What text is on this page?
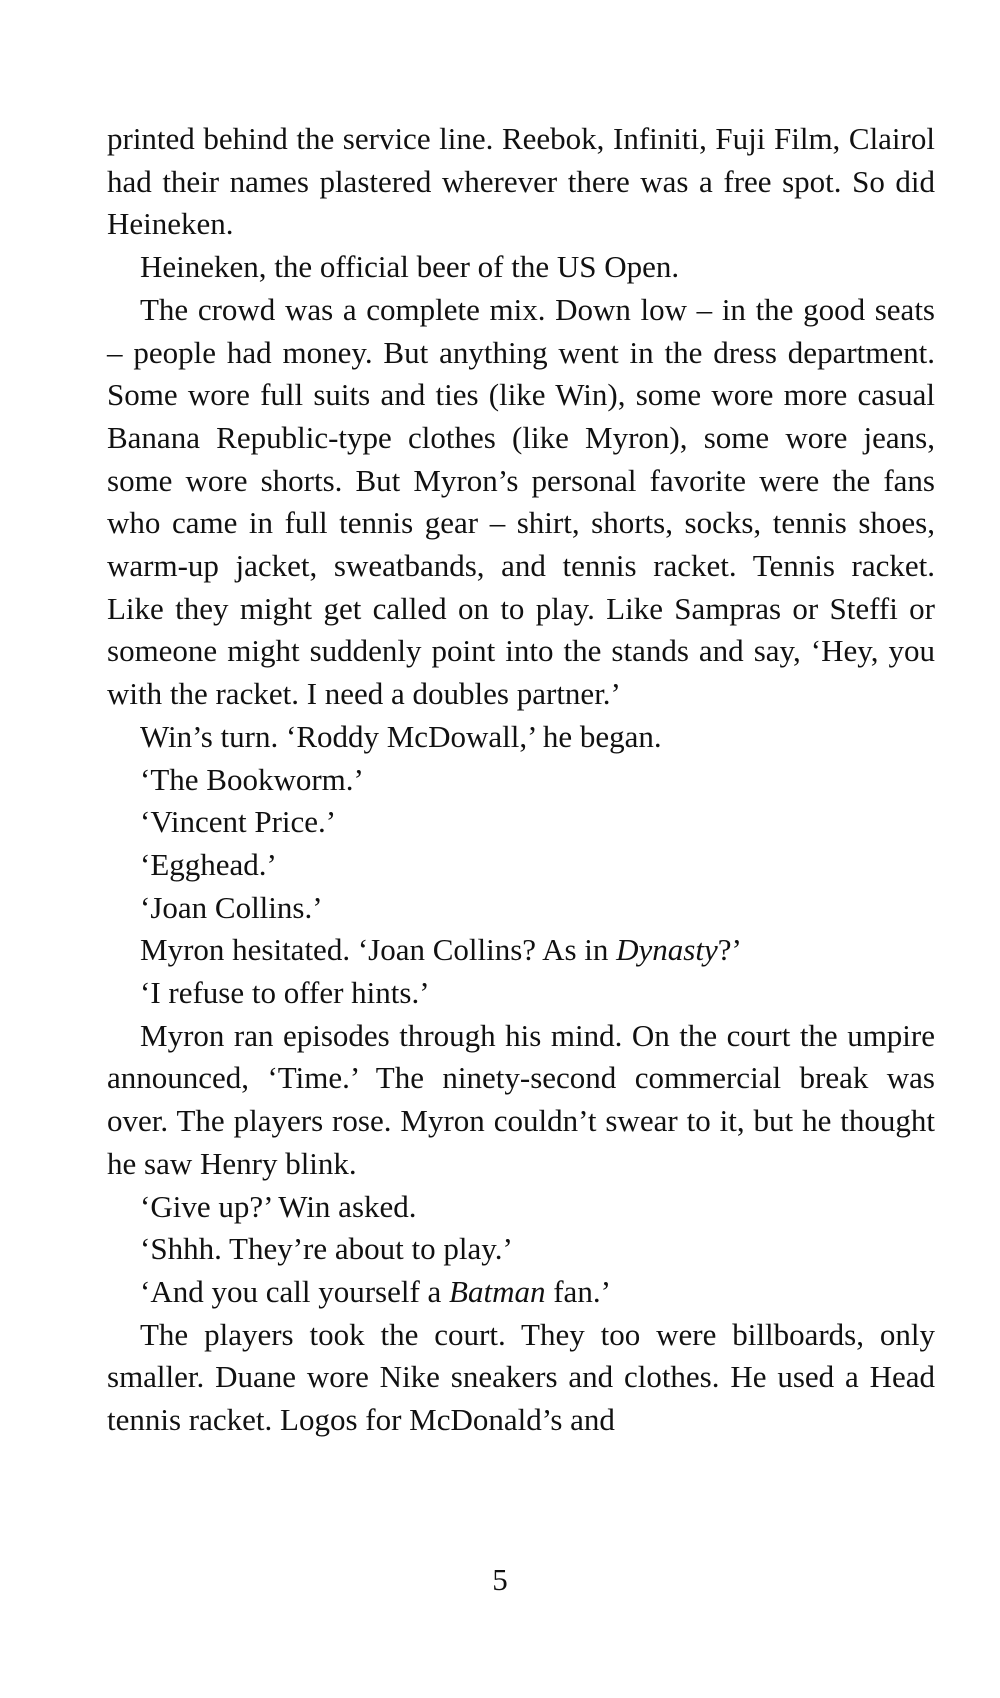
printed behind the service line. Reebok, Infiniti, Fuji Film, Clairol had their names plastered wherever there was a free spot. So did Heineken.

Heineken, the official beer of the US Open.

The crowd was a complete mix. Down low – in the good seats – people had money. But anything went in the dress department. Some wore full suits and ties (like Win), some wore more casual Banana Republic-type clothes (like Myron), some wore jeans, some wore shorts. But Myron’s personal favorite were the fans who came in full tennis gear – shirt, shorts, socks, tennis shoes, warm-up jacket, sweatbands, and tennis racket. Tennis racket. Like they might get called on to play. Like Sampras or Steffi or someone might suddenly point into the stands and say, ‘Hey, you with the racket. I need a doubles partner.’

Win’s turn. ‘Roddy McDowall,’ he began.

‘The Bookworm.’

‘Vincent Price.’

‘Egghead.’

‘Joan Collins.’

Myron hesitated. ‘Joan Collins? As in Dynasty?’

‘I refuse to offer hints.’

Myron ran episodes through his mind. On the court the umpire announced, ‘Time.’ The ninety-second commercial break was over. The players rose. Myron couldn’t swear to it, but he thought he saw Henry blink.

‘Give up?’ Win asked.

‘Shhh. They’re about to play.’

‘And you call yourself a Batman fan.’

The players took the court. They too were billboards, only smaller. Duane wore Nike sneakers and clothes. He used a Head tennis racket. Logos for McDonald’s and

5
